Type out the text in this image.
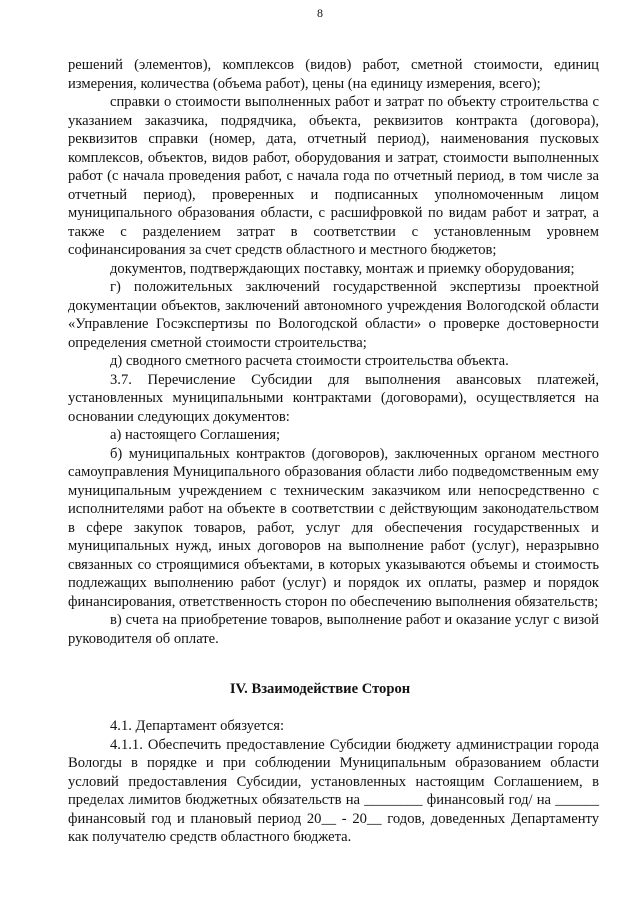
8

решений (элементов), комплексов (видов) работ, сметной стоимости, единиц измерения, количества (объема работ), цены (на единицу измерения, всего);

справки о стоимости выполненных работ и затрат по объекту строительства с указанием заказчика, подрядчика, объекта, реквизитов контракта (договора), реквизитов справки (номер, дата, отчетный период), наименования пусковых комплексов, объектов, видов работ, оборудования и затрат, стоимости выполненных работ (с начала проведения работ, с начала года по отчетный период, в том числе за отчетный период), проверенных и подписанных уполномоченным лицом муниципального образования области, с расшифровкой по видам работ и затрат, а также с разделением затрат в соответствии с установленным уровнем софинансирования за счет средств областного и местного бюджетов;

документов, подтверждающих поставку, монтаж и приемку оборудования;

г) положительных заключений государственной экспертизы проектной документации объектов, заключений автономного учреждения Вологодской области «Управление Госэкспертизы по Вологодской области» о проверке достоверности определения сметной стоимости строительства;

д) сводного сметного расчета стоимости строительства объекта.

3.7. Перечисление Субсидии для выполнения авансовых платежей, установленных муниципальными контрактами (договорами), осуществляется на основании следующих документов:

а) настоящего Соглашения;

б) муниципальных контрактов (договоров), заключенных органом местного самоуправления Муниципального образования области либо подведомственным ему муниципальным учреждением с техническим заказчиком или непосредственно с исполнителями работ на объекте в соответствии с действующим законодательством в сфере закупок товаров, работ, услуг для обеспечения государственных и муниципальных нужд, иных договоров на выполнение работ (услуг), неразрывно связанных со строящимися объектами, в которых указываются объемы и стоимость подлежащих выполнению работ (услуг) и порядок их оплаты, размер и порядок финансирования, ответственность сторон по обеспечению выполнения обязательств;

в) счета на приобретение товаров, выполнение работ и оказание услуг с визой руководителя об оплате.

IV. Взаимодействие Сторон

4.1. Департамент обязуется:

4.1.1. Обеспечить предоставление Субсидии бюджету администрации города Вологды в порядке и при соблюдении Муниципальным образованием области условий предоставления Субсидии, установленных настоящим Соглашением, в пределах лимитов бюджетных обязательств на ________ финансовый год/ на ______ финансовый год и плановый период 20__ - 20__ годов, доведенных Департаменту как получателю средств областного бюджета.
